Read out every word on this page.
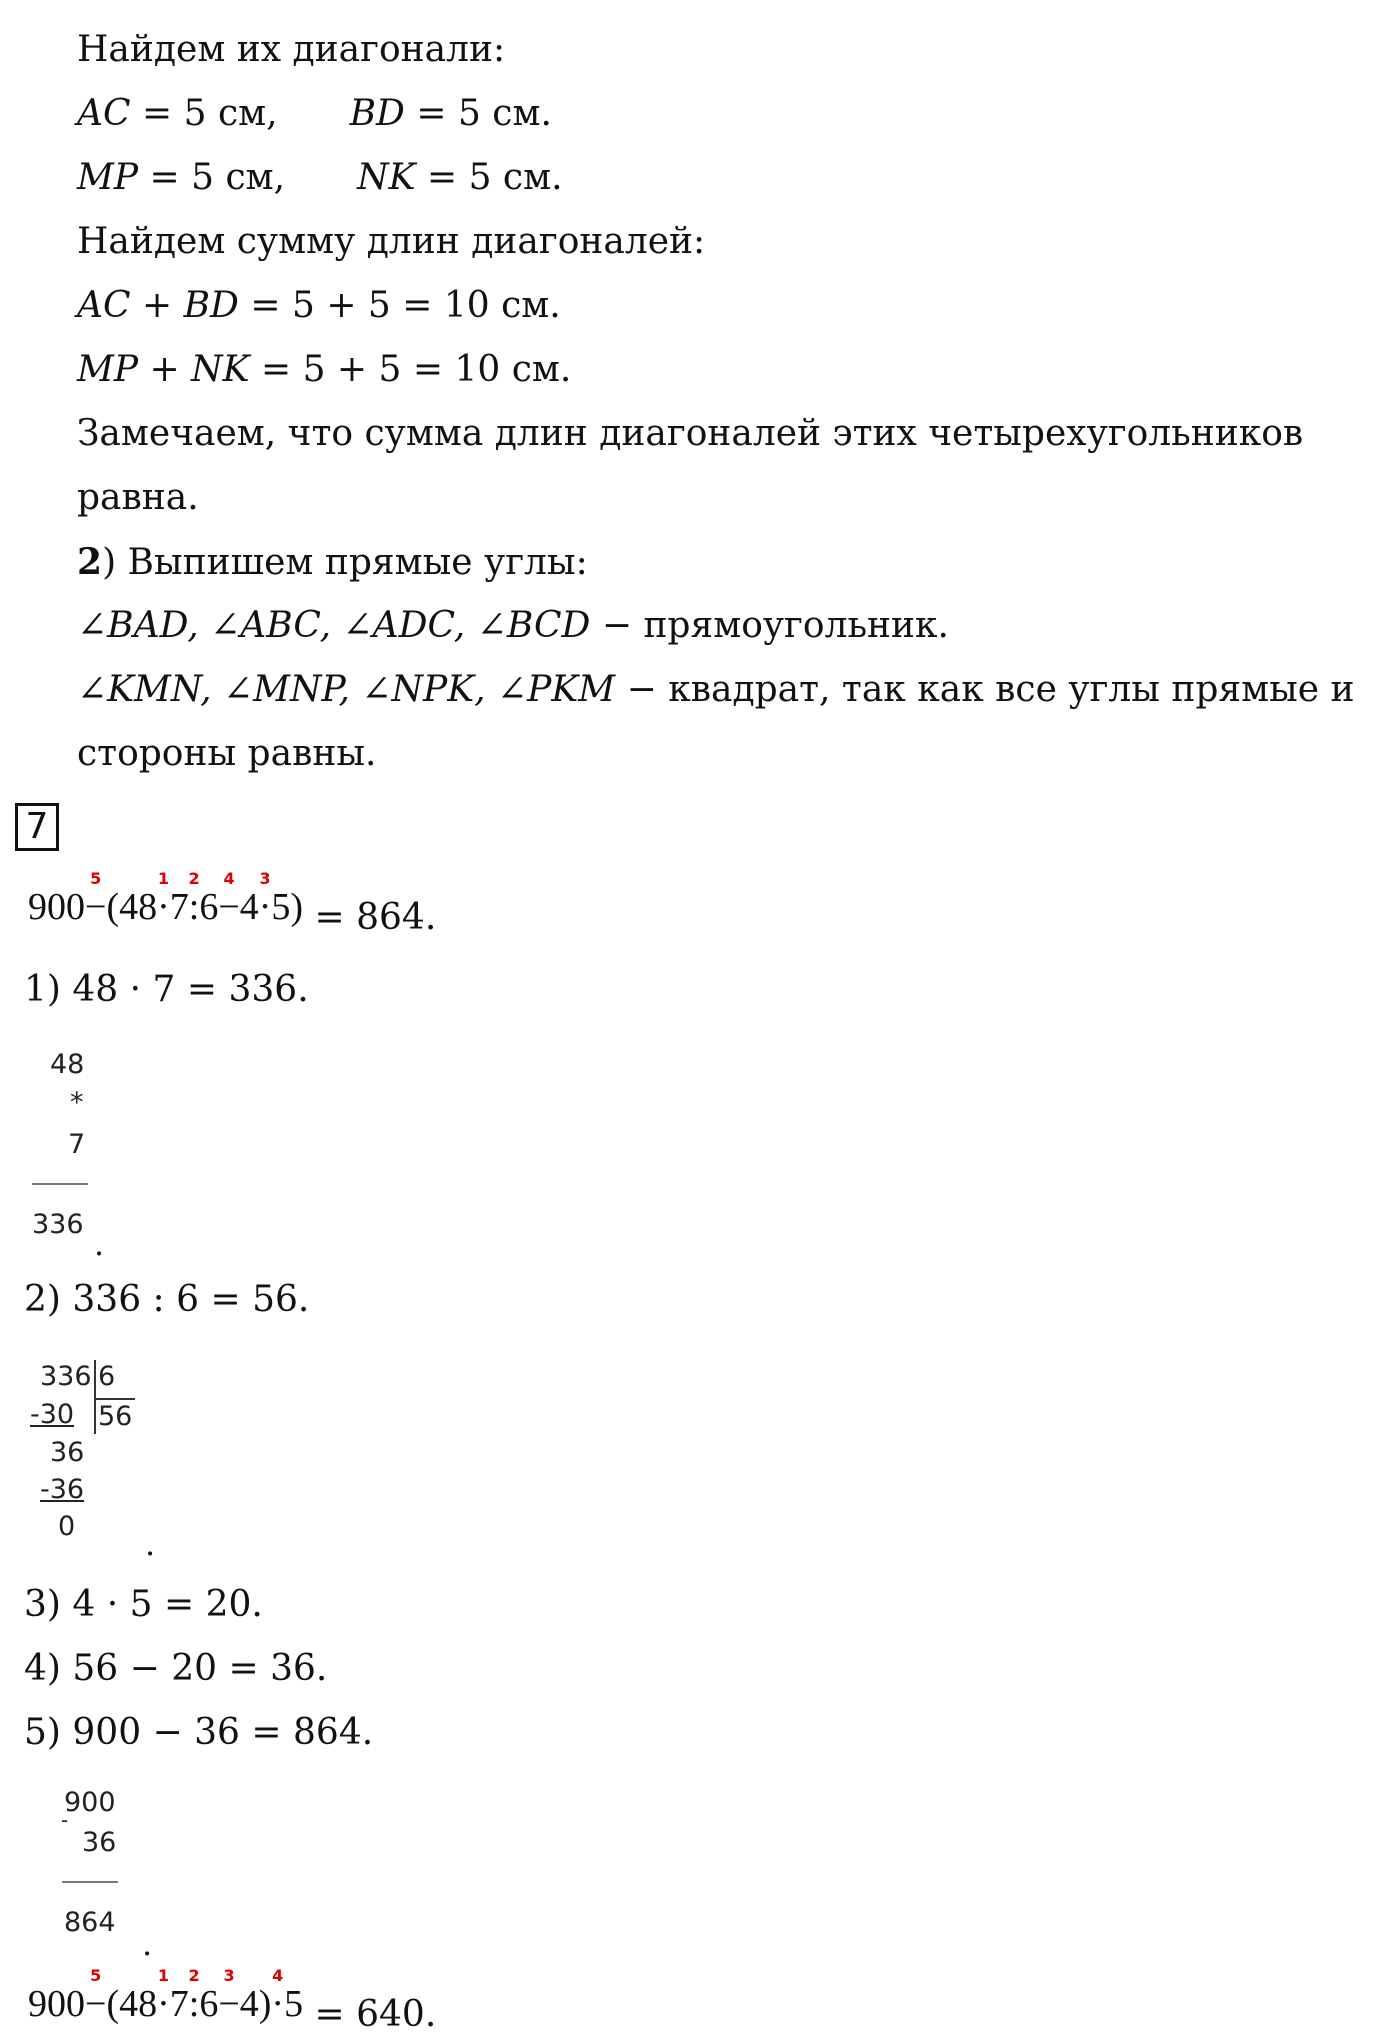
Найдем их диагонали:
AC = 5 см, BD = 5 см.
MP = 5 см, NK = 5 см.
Найдем сумму длин диагоналей:
AC + BD = 5 + 5 = 10 см.
MP + NK = 5 + 5 = 10 см.
Замечаем, что сумма длин диагоналей этих четырехугольников
равна.
2) Выпишем прямые углы:
∠BAD, ∠ABC, ∠ADC, ∠BCD − прямоугольник.
∠KMN, ∠MNP, ∠NPK, ∠PKM − квадрат, так как все углы прямые и
стороны равны.
7
900−
5
(48·
1
7:
2
6−
4
4·
3
5) = 864.
1) 48 · 7 = 336.
48
*
7
336
.
2) 336 : 6 = 56.
336 6
-30 56
36
-36
0 .
3) 4 · 5 = 20.
4) 56 − 20 = 36.
5) 900 − 36 = 864.
900
-
36
864
.
900−
5
(48·
1
7:
2
6−
3
4)·
4
5 = 640.
